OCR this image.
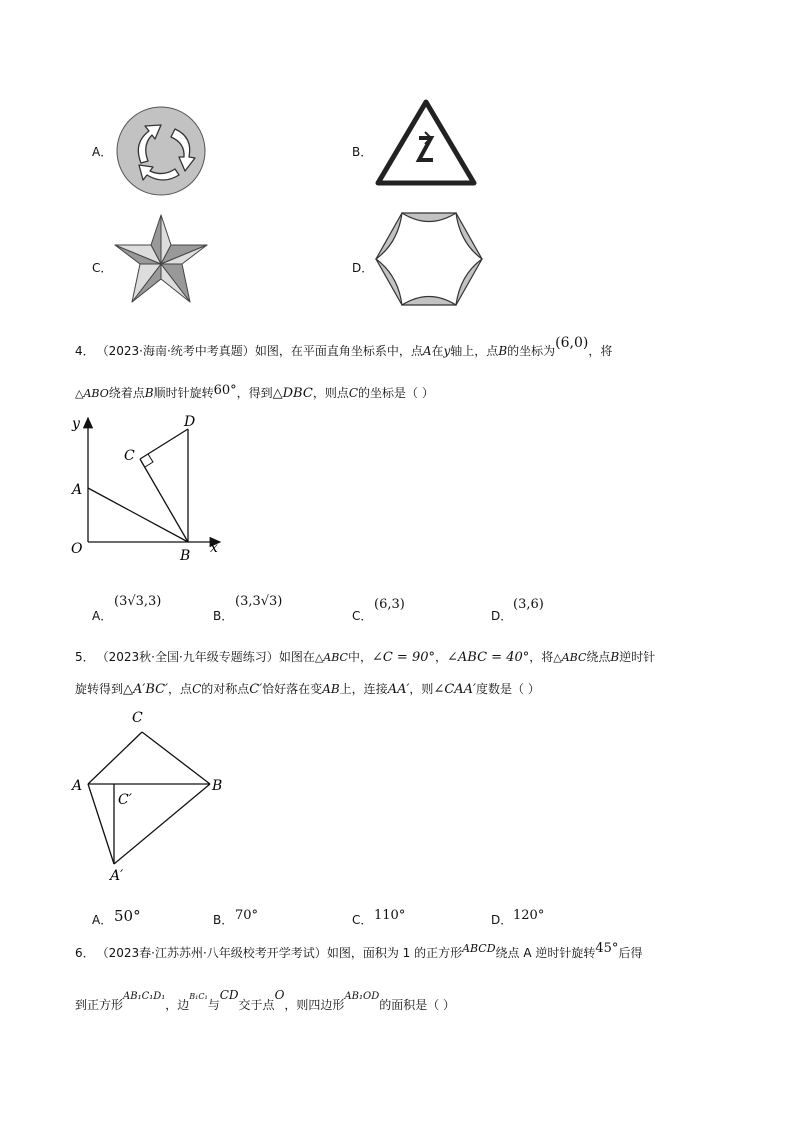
A．	B．
C．	D．
4． （2023·海南·统考中考真题）如图，在平面直角坐标系中，点A在y轴上，点B的坐标为(6,0)，将
△ABO绕着点B顺时针旋转60°，得到△DBC，则点C的坐标是（ ）
y
x
O
A
B
C
D
A．
(3√3,3)
B．
(3,3√3)
C．
(6,3)
D．
(3,6)
5． （2023秋·全国·九年级专题练习）如图在△ABC中，∠C = 90°，∠ABC = 40°，将△ABC绕点B逆时针
旋转得到△A′BC′，点C的对称点C′恰好落在变AB上，连接AA′，则∠CAA′度数是（ ）
C
A	B
C′
A′
A． 50°	B． 70°	C． 110°	D． 120°
6． （2023春·江苏苏州·八年级校考开学考试）如图，面积为 1 的正方形ABCD绕点 A 逆时针旋转45°后得
到正方形$^{AB_1C_1D_1}$，边$^{B_1C_1}$与CD交于点O，则四边形$^{AB_1OD}$的面积是（ ）
